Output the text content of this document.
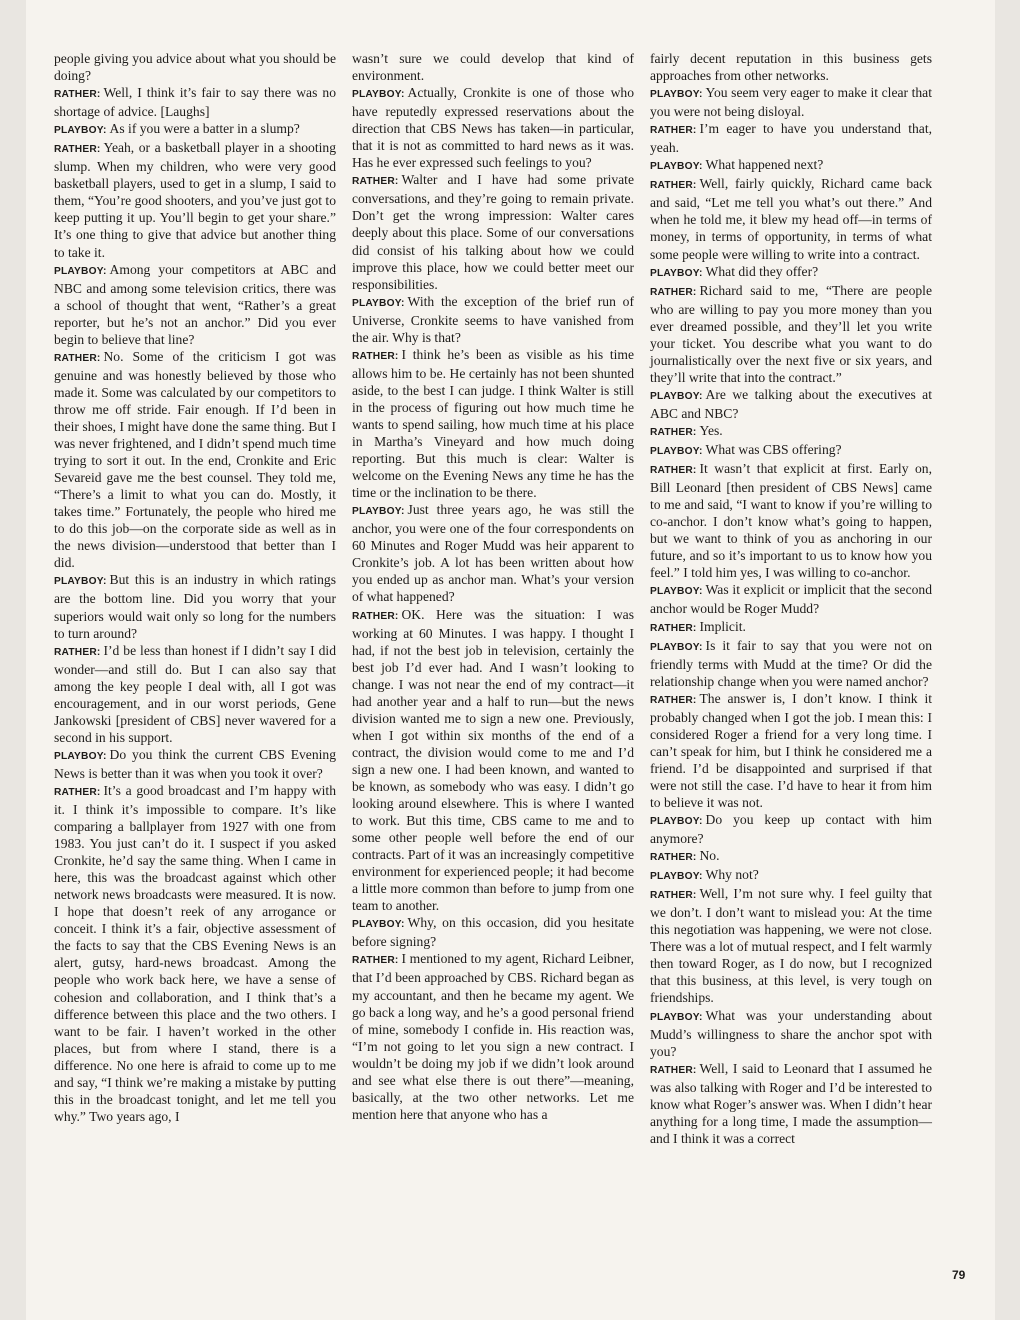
people giving you advice about what you should be doing?

RATHER: Well, I think it’s fair to say there was no shortage of advice. [Laughs]

PLAYBOY: As if you were a batter in a slump?

RATHER: Yeah, or a basketball player in a shooting slump. When my children, who were very good basketball players, used to get in a slump, I said to them, “You’re good shooters, and you’ve just got to keep putting it up. You’ll begin to get your share.” It’s one thing to give that advice but another thing to take it.

PLAYBOY: Among your competitors at ABC and NBC and among some television critics, there was a school of thought that went, “Rather’s a great reporter, but he’s not an anchor.” Did you ever begin to believe that line?

RATHER: No. Some of the criticism I got was genuine and was honestly believed by those who made it. Some was calculated by our competitors to throw me off stride. Fair enough. If I’d been in their shoes, I might have done the same thing. But I was never frightened, and I didn’t spend much time trying to sort it out. In the end, Cronkite and Eric Sevareid gave me the best counsel. They told me, “There’s a limit to what you can do. Mostly, it takes time.” Fortunately, the people who hired me to do this job—on the corporate side as well as in the news division—understood that better than I did.

PLAYBOY: But this is an industry in which ratings are the bottom line. Did you worry that your superiors would wait only so long for the numbers to turn around?

RATHER: I’d be less than honest if I didn’t say I did wonder—and still do. But I can also say that among the key people I deal with, all I got was encouragement, and in our worst periods, Gene Jankowski [president of CBS] never wavered for a second in his support.

PLAYBOY: Do you think the current CBS Evening News is better than it was when you took it over?

RATHER: It’s a good broadcast and I’m happy with it. I think it’s impossible to compare. It’s like comparing a ballplayer from 1927 with one from 1983. You just can’t do it. I suspect if you asked Cronkite, he’d say the same thing. When I came in here, this was the broadcast against which other network news broadcasts were measured. It is now. I hope that doesn’t reek of any arrogance or conceit. I think it’s a fair, objective assessment of the facts to say that the CBS Evening News is an alert, gutsy, hard-news broadcast. Among the people who work back here, we have a sense of cohesion and collaboration, and I think that’s a difference between this place and the two others. I want to be fair. I haven’t worked in the other places, but from where I stand, there is a difference. No one here is afraid to come up to me and say, “I think we’re making a mistake by putting this in the broadcast tonight, and let me tell you why.” Two years ago, I

wasn’t sure we could develop that kind of environment.

PLAYBOY: Actually, Cronkite is one of those who have reputedly expressed reservations about the direction that CBS News has taken—in particular, that it is not as committed to hard news as it was. Has he ever expressed such feelings to you?

RATHER: Walter and I have had some private conversations, and they’re going to remain private. Don’t get the wrong impression: Walter cares deeply about this place. Some of our conversations did consist of his talking about how we could improve this place, how we could better meet our responsibilities.

PLAYBOY: With the exception of the brief run of Universe, Cronkite seems to have vanished from the air. Why is that?

RATHER: I think he’s been as visible as his time allows him to be. He certainly has not been shunted aside, to the best I can judge. I think Walter is still in the process of figuring out how much time he wants to spend sailing, how much time at his place in Martha’s Vineyard and how much doing reporting. But this much is clear: Walter is welcome on the Evening News any time he has the time or the inclination to be there.

PLAYBOY: Just three years ago, he was still the anchor, you were one of the four correspondents on 60 Minutes and Roger Mudd was heir apparent to Cronkite’s job. A lot has been written about how you ended up as anchor man. What’s your version of what happened?

RATHER: OK. Here was the situation: I was working at 60 Minutes. I was happy. I thought I had, if not the best job in television, certainly the best job I’d ever had. And I wasn’t looking to change. I was not near the end of my contract—it had another year and a half to run—but the news division wanted me to sign a new one. Previously, when I got within six months of the end of a contract, the division would come to me and I’d sign a new one. I had been known, and wanted to be known, as somebody who was easy. I didn’t go looking around elsewhere. This is where I wanted to work. But this time, CBS came to me and to some other people well before the end of our contracts. Part of it was an increasingly competitive environment for experienced people; it had become a little more common than before to jump from one team to another.

PLAYBOY: Why, on this occasion, did you hesitate before signing?

RATHER: I mentioned to my agent, Richard Leibner, that I’d been approached by CBS. Richard began as my accountant, and then he became my agent. We go back a long way, and he’s a good personal friend of mine, somebody I confide in. His reaction was, “I’m not going to let you sign a new contract. I wouldn’t be doing my job if we didn’t look around and see what else there is out there”—meaning, basically, at the two other networks. Let me mention here that anyone who has a

fairly decent reputation in this business gets approaches from other networks.

PLAYBOY: You seem very eager to make it clear that you were not being disloyal.

RATHER: I’m eager to have you understand that, yeah.

PLAYBOY: What happened next?

RATHER: Well, fairly quickly, Richard came back and said, “Let me tell you what’s out there.” And when he told me, it blew my head off—in terms of money, in terms of opportunity, in terms of what some people were willing to write into a contract.

PLAYBOY: What did they offer?

RATHER: Richard said to me, “There are people who are willing to pay you more money than you ever dreamed possible, and they’ll let you write your ticket. You describe what you want to do journalistically over the next five or six years, and they’ll write that into the contract.”

PLAYBOY: Are we talking about the executives at ABC and NBC?

RATHER: Yes.

PLAYBOY: What was CBS offering?

RATHER: It wasn’t that explicit at first. Early on, Bill Leonard [then president of CBS News] came to me and said, “I want to know if you’re willing to co-anchor. I don’t know what’s going to happen, but we want to think of you as anchoring in our future, and so it’s important to us to know how you feel.” I told him yes, I was willing to co-anchor.

PLAYBOY: Was it explicit or implicit that the second anchor would be Roger Mudd?

RATHER: Implicit.

PLAYBOY: Is it fair to say that you were not on friendly terms with Mudd at the time? Or did the relationship change when you were named anchor?

RATHER: The answer is, I don’t know. I think it probably changed when I got the job. I mean this: I considered Roger a friend for a very long time. I can’t speak for him, but I think he considered me a friend. I’d be disappointed and surprised if that were not still the case. I’d have to hear it from him to believe it was not.

PLAYBOY: Do you keep up contact with him anymore?

RATHER: No.

PLAYBOY: Why not?

RATHER: Well, I’m not sure why. I feel guilty that we don’t. I don’t want to mislead you: At the time this negotiation was happening, we were not close. There was a lot of mutual respect, and I felt warmly then toward Roger, as I do now, but I recognized that this business, at this level, is very tough on friendships.

PLAYBOY: What was your understanding about Mudd’s willingness to share the anchor spot with you?

RATHER: Well, I said to Leonard that I assumed he was also talking with Roger and I’d be interested to know what Roger’s answer was. When I didn’t hear anything for a long time, I made the assumption—and I think it was a correct

79
